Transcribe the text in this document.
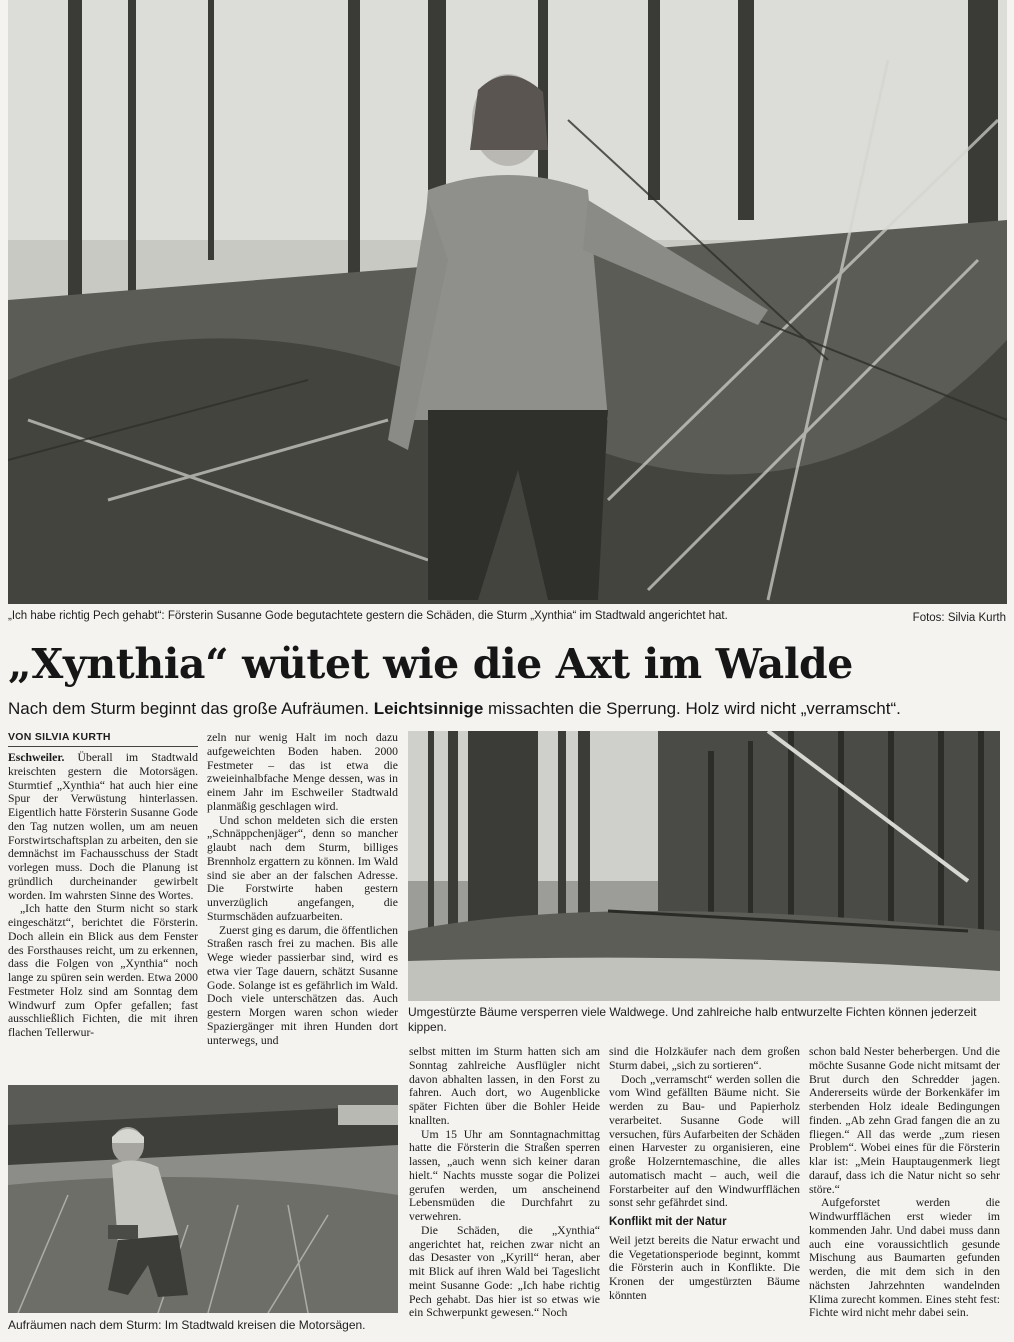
„Ich habe richtig Pech gehabt“: Försterin Susanne Gode begutachtete gestern die Schäden, die Sturm „Xynthia“ im Stadtwald angerichtet hat.	Fotos: Silvia Kurth
„Xynthia“ wütet wie die Axt im Walde
Nach dem Sturm beginnt das große Aufräumen. Leichtsinnige missachten die Sperrung. Holz wird nicht „verramscht“.
VON SILVIA KURTH

Eschweiler. Überall im Stadtwald kreischten gestern die Motorsägen. Sturmtief „Xynthia“ hat auch hier eine Spur der Verwüstung hinterlassen. Eigentlich hatte Försterin Susanne Gode den Tag nutzen wollen, um am neuen Forstwirtschaftsplan zu arbeiten, den sie demnächst im Fachausschuss der Stadt vorlegen muss. Doch die Planung ist gründlich durcheinander gewirbelt worden. Im wahrsten Sinne des Wortes.

„Ich hatte den Sturm nicht so stark eingeschätzt“, berichtet die Försterin. Doch allein ein Blick aus dem Fenster des Forsthauses reicht, um zu erkennen, dass die Folgen von „Xynthia“ noch lange zu spüren sein werden. Etwa 2000 Festmeter Holz sind am Sonntag dem Windwurf zum Opfer gefallen; fast ausschließlich Fichten, die mit ihren flachen Tellerwur-

zeln nur wenig Halt im noch dazu aufgeweichten Boden haben. 2000 Festmeter – das ist etwa die zweieinhalbfache Menge dessen, was in einem Jahr im Eschweiler Stadtwald planmäßig geschlagen wird.

Und schon meldeten sich die ersten „Schnäppchenjäger“, denn so mancher glaubt nach dem Sturm, billiges Brennholz ergattern zu können. Im Wald sind sie aber an der falschen Adresse. Die Forstwirte haben gestern unverzüglich angefangen, die Sturmschäden aufzuarbeiten.

Zuerst ging es darum, die öffentlichen Straßen rasch frei zu machen. Bis alle Wege wieder passierbar sind, wird es etwa vier Tage dauern, schätzt Susanne Gode. Solange ist es gefährlich im Wald. Doch viele unterschätzen das. Auch gestern Morgen waren schon wieder Spaziergänger mit ihren Hunden dort unterwegs, und

Umgestürzte Bäume versperren viele Waldwege. Und zahlreiche halb entwurzelte Fichten können jederzeit kippen.
Aufräumen nach dem Sturm: Im Stadtwald kreisen die Motorsägen.

selbst mitten im Sturm hatten sich am Sonntag zahlreiche Ausflügler nicht davon abhalten lassen, in den Forst zu fahren. Auch dort, wo Augenblicke später Fichten über die Bohler Heide knallten.

Um 15 Uhr am Sonntagnachmittag hatte die Försterin die Straßen sperren lassen, „auch wenn sich keiner daran hielt.“ Nachts musste sogar die Polizei gerufen werden, um anscheinend Lebensmüden die Durchfahrt zu verwehren.

Die Schäden, die „Xynthia“ angerichtet hat, reichen zwar nicht an das Desaster von „Kyrill“ heran, aber mit Blick auf ihren Wald bei Tageslicht meint Susanne Gode: „Ich habe richtig Pech gehabt. Das hier ist so etwas wie ein Schwerpunkt gewesen.“ Noch

sind die Holzkäufer nach dem großen Sturm dabei, „sich zu sortieren“.

Doch „verramscht“ werden sollen die vom Wind gefällten Bäume nicht. Sie werden zu Bau- und Papierholz verarbeitet. Susanne Gode will versuchen, fürs Aufarbeiten der Schäden einen Harvester zu organisieren, eine große Holzerntemaschine, die alles automatisch macht – auch, weil die Forstarbeiter auf den Windwurfflächen sonst sehr gefährdet sind.

Konflikt mit der Natur

Weil jetzt bereits die Natur erwacht und die Vegetationsperiode beginnt, kommt die Försterin auch in Konflikte. Die Kronen der umgestürzten Bäume könnten

schon bald Nester beherbergen. Und die möchte Susanne Gode nicht mitsamt der Brut durch den Schredder jagen. Andererseits würde der Borkenkäfer im sterbenden Holz ideale Bedingungen finden. „Ab zehn Grad fangen die an zu fliegen.“ All das werde „zum riesen Problem“. Wobei eines für die Försterin klar ist: „Mein Hauptaugenmerk liegt darauf, dass ich die Natur nicht so sehr störe.“

Aufgeforstet werden die Windwurfflächen erst wieder im kommenden Jahr. Und dabei muss dann auch eine voraussichtlich gesunde Mischung aus Baumarten gefunden werden, die mit dem sich in den nächsten Jahrzehnten wandelnden Klima zurecht kommen. Eines steht fest: Fichte wird nicht mehr dabei sein.
